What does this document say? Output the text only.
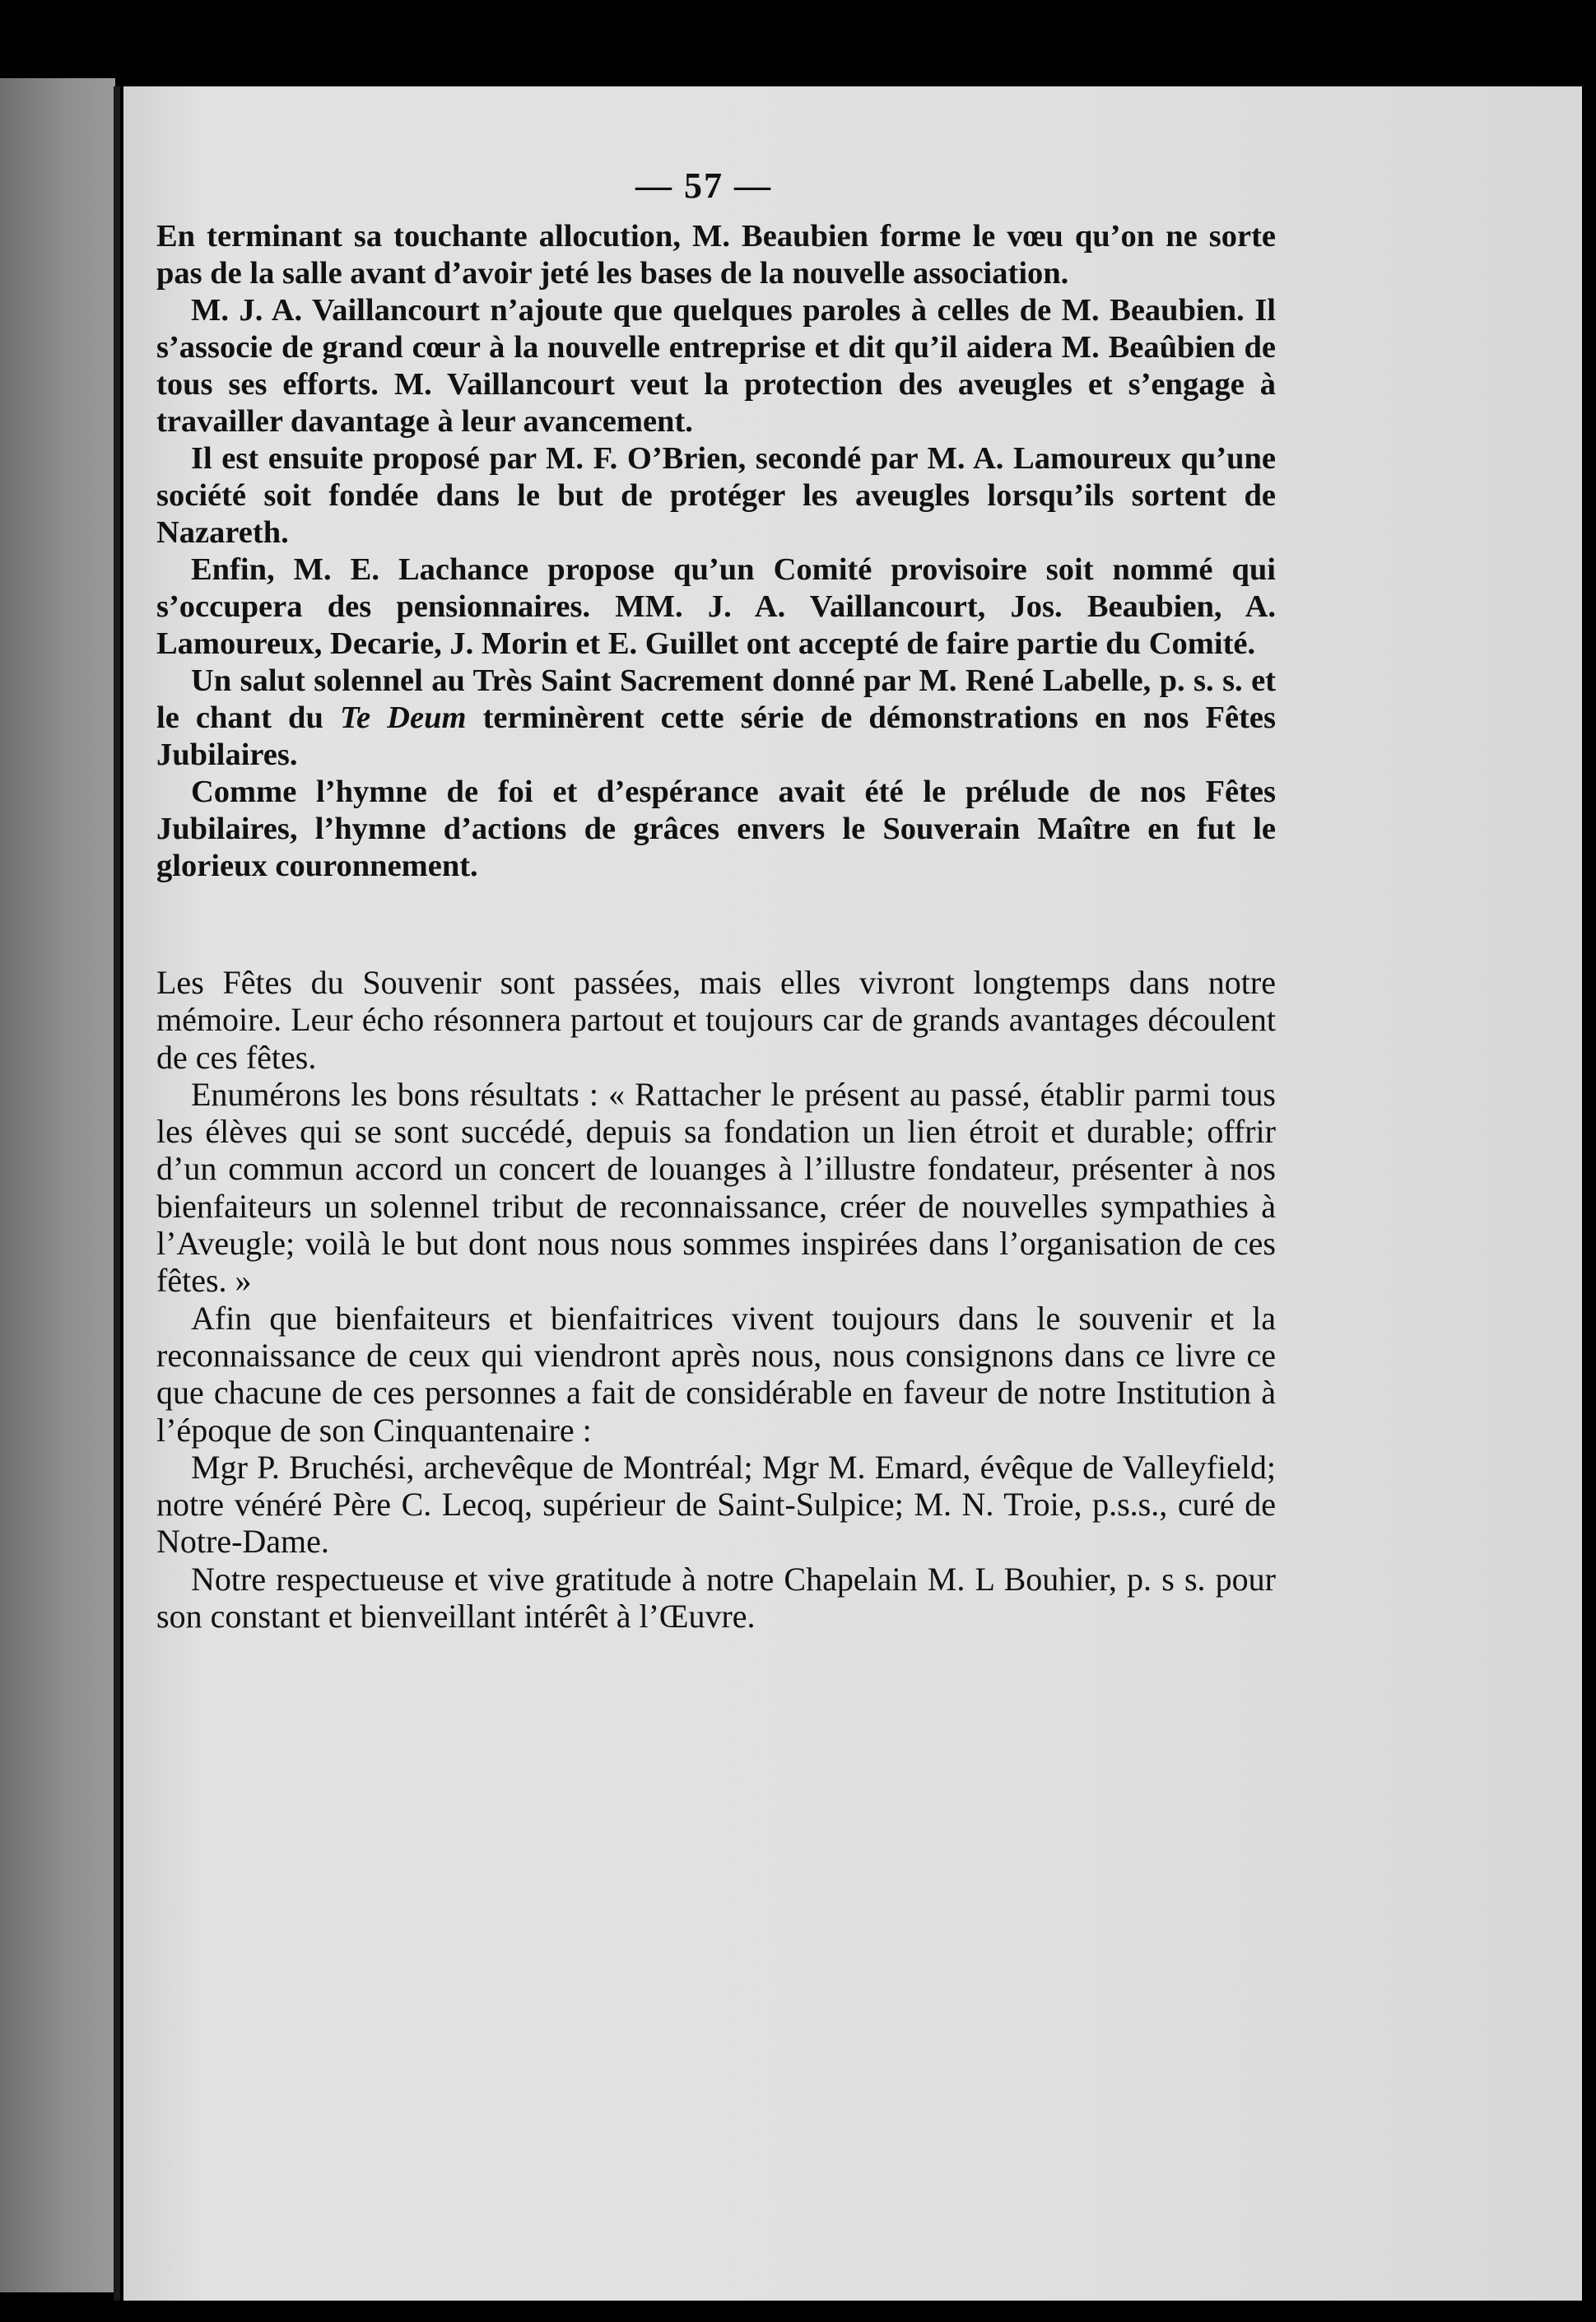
— 57 —

En terminant sa touchante allocution, M. Beaubien forme le vœu qu’on ne sorte pas de la salle avant d’avoir jeté les bases de la nouvelle association.

M. J. A. Vaillancourt n’ajoute que quelques paroles à celles de M. Beaubien. Il s’associe de grand cœur à la nouvelle entreprise et dit qu’il aidera M. Beaûbien de tous ses efforts. M. Vaillancourt veut la protection des aveugles et s’engage à travailler davantage à leur avancement.

Il est ensuite proposé par M. F. O’Brien, secondé par M. A. Lamoureux qu’une société soit fondée dans le but de protéger les aveugles lorsqu’ils sortent de Nazareth.

Enfin, M. E. Lachance propose qu’un Comité provisoire soit nommé qui s’occupera des pensionnaires. MM. J. A. Vaillancourt, Jos. Beaubien, A. Lamoureux, Decarie, J. Morin et E. Guillet ont accepté de faire partie du Comité.

Un salut solennel au Très Saint Sacrement donné par M. René Labelle, p. s. s. et le chant du Te Deum terminèrent cette série de démonstrations en nos Fêtes Jubilaires.

Comme l’hymne de foi et d’espérance avait été le prélude de nos Fêtes Jubilaires, l’hymne d’actions de grâces envers le Souverain Maître en fut le glorieux couronnement.

Les Fêtes du Souvenir sont passées, mais elles vivront longtemps dans notre mémoire. Leur écho résonnera partout et toujours car de grands avantages découlent de ces fêtes.

Enumérons les bons résultats : « Rattacher le présent au passé, établir parmi tous les élèves qui se sont succédé, depuis sa fondation un lien étroit et durable; offrir d’un commun accord un concert de louanges à l’illustre fondateur, présenter à nos bienfaiteurs un solennel tribut de reconnaissance, créer de nouvelles sympathies à l’Aveugle; voilà le but dont nous nous sommes inspirées dans l’organisation de ces fêtes. »

Afin que bienfaiteurs et bienfaitrices vivent toujours dans le souvenir et la reconnaissance de ceux qui viendront après nous, nous consignons dans ce livre ce que chacune de ces personnes a fait de considérable en faveur de notre Institution à l’époque de son Cinquantenaire :

Mgr P. Bruchési, archevêque de Montréal; Mgr M. Emard, évêque de Valleyfield; notre vénéré Père C. Lecoq, supérieur de Saint-Sulpice; M. N. Troie, p.s.s., curé de Notre-Dame.

Notre respectueuse et vive gratitude à notre Chapelain M. L Bouhier, p. s s. pour son constant et bienveillant intérêt à l’Œuvre.
